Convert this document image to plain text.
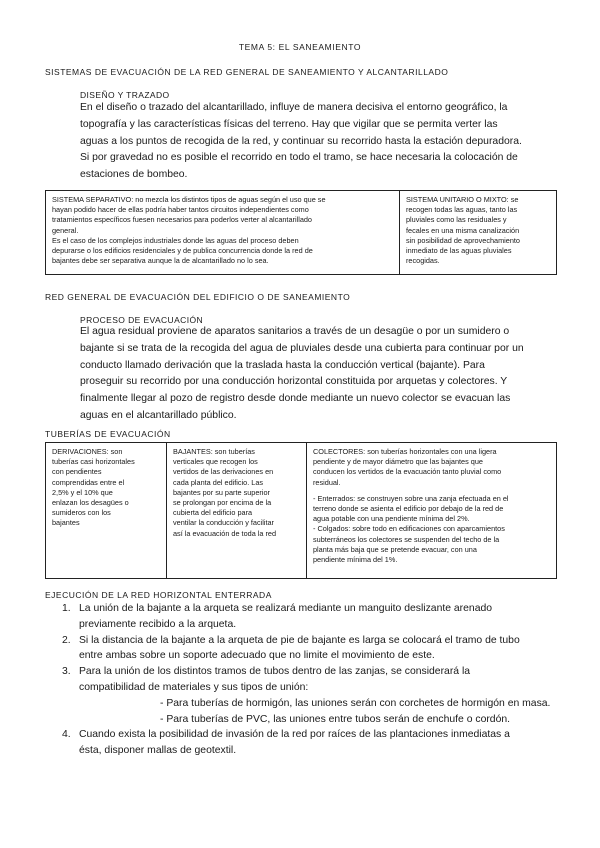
TEMA 5: EL SANEAMIENTO
SISTEMAS DE EVACUACIÓN DE LA RED GENERAL DE SANEAMIENTO Y ALCANTARILLADO
DISEÑO Y TRAZADO
En el diseño o trazado del alcantarillado, influye de manera decisiva el entorno geográfico, la
topografía y las características físicas del terreno. Hay que vigilar que se permita verter las
aguas a los puntos de recogida de la red, y continuar su recorrido hasta la estación depuradora.
Si por gravedad no es posible el recorrido en todo el tramo, se hace necesaria la colocación de
estaciones de bombeo.
SISTEMA SEPARATIVO: no mezcla los distintos tipos de aguas según el uso que se
hayan podido hacer de ellas podría haber tantos circuitos independientes como
tratamientos específicos fuesen necesarios para poderlos verter al alcantarillado
general.
Es el caso de los complejos industriales donde las aguas del proceso deben
depurarse o los edificios residenciales y de publica concurrencia donde la red de
bajantes debe ser separativa aunque la de alcantarillado no lo sea.

SISTEMA UNITARIO O MIXTO: se
recogen todas las aguas, tanto las
pluviales como las residuales y
fecales en una misma canalización
sin posibilidad de aprovechamiento
inmediato de las aguas pluviales
recogidas.
RED GENERAL DE EVACUACIÓN DEL EDIFICIO O DE SANEAMIENTO
PROCESO DE EVACUACIÓN
El agua residual proviene de aparatos sanitarios a través de un desagüe o por un sumidero o
bajante si se trata de la recogida del agua de pluviales desde una cubierta para continuar por un
conducto llamado derivación que la traslada hasta la conducción vertical (bajante). Para
proseguir su recorrido por una conducción horizontal constituida por arquetas y colectores. Y
finalmente llegar al pozo de registro desde donde mediante un nuevo colector se evacuan las
aguas en el alcantarillado público.
TUBERÍAS DE EVACUACIÓN
DERIVACIONES: son
tuberías casi horizontales
con pendientes
comprendidas entre el
2,5% y el 10% que
enlazan los desagües o
sumideros con los
bajantes

BAJANTES: son tuberías
verticales que recogen los
vertidos de las derivaciones en
cada planta del edificio. Las
bajantes por su parte superior
se prolongan por encima de la
cubierta del edificio para
ventilar la conducción y facilitar
así la evacuación de toda la red

COLECTORES: son tuberías horizontales con una ligera
pendiente y de mayor diámetro que las bajantes que
conducen los vertidos de la evacuación tanto pluvial como
residual.
- Enterrados: se construyen sobre una zanja efectuada en el
terreno donde se asienta el edificio por debajo de la red de
agua potable con una pendiente mínima del 2%.
- Colgados: sobre todo en edificaciones con aparcamientos
subterráneos los colectores se suspenden del techo de la
planta más baja que se pretende evacuar, con una
pendiente mínima del 1%.
EJECUCIÓN DE LA RED HORIZONTAL ENTERRADA
1. La unión de la bajante a la arqueta se realizará mediante un manguito deslizante arenado
previamente recibido a la arqueta.
2. Si la distancia de la bajante a la arqueta de pie de bajante es larga se colocará el tramo de tubo
entre ambas sobre un soporte adecuado que no limite el movimiento de este.
3. Para la unión de los distintos tramos de tubos dentro de las zanjas, se considerará la
compatibilidad de materiales y sus tipos de unión:
- Para tuberías de hormigón, las uniones serán con corchetes de hormigón en masa.
- Para tuberías de PVC, las uniones entre tubos serán de enchufe o cordón.
4. Cuando exista la posibilidad de invasión de la red por raíces de las plantaciones inmediatas a
ésta, disponer mallas de geotextil.
